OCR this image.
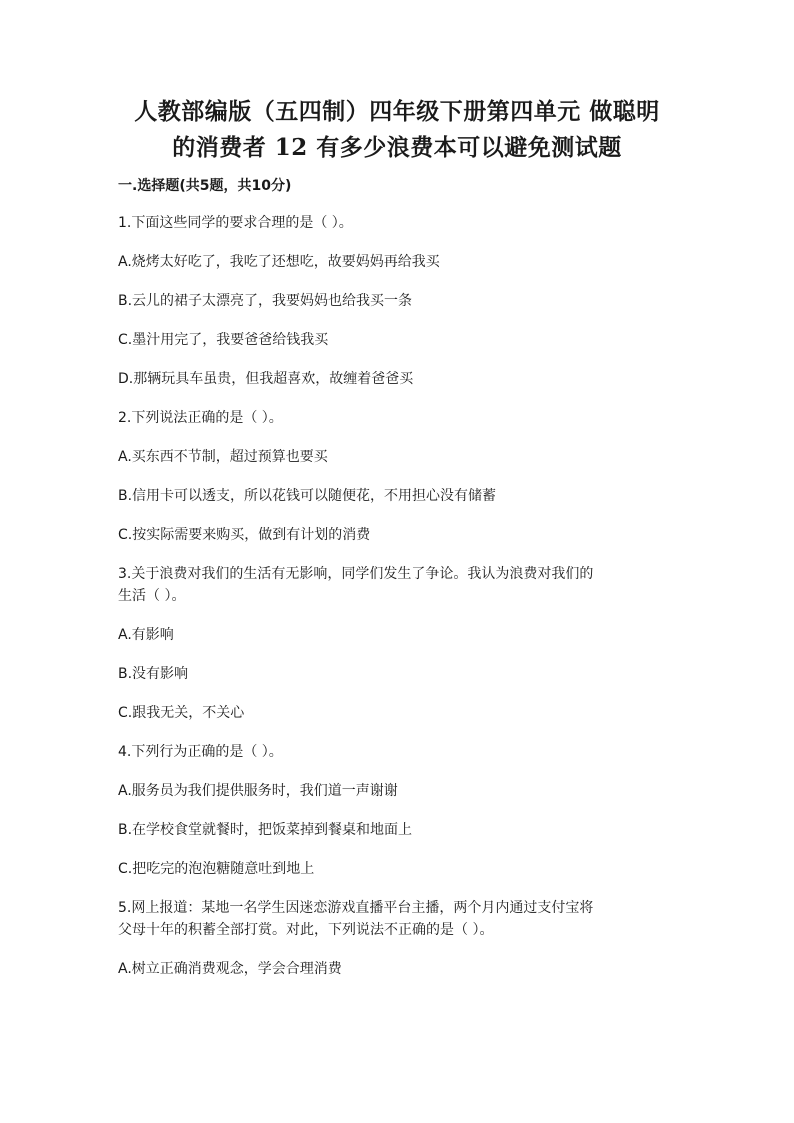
人教部编版（五四制）四年级下册第四单元 做聪明
的消费者 12 有多少浪费本可以避免测试题
一.选择题(共5题，共10分)
1.下面这些同学的要求合理的是（ ）。
A.烧烤太好吃了，我吃了还想吃，故要妈妈再给我买
B.云儿的裙子太漂亮了，我要妈妈也给我买一条
C.墨汁用完了，我要爸爸给钱我买
D.那辆玩具车虽贵，但我超喜欢，故缠着爸爸买
2.下列说法正确的是（ ）。
A.买东西不节制，超过预算也要买
B.信用卡可以透支，所以花钱可以随便花，不用担心没有储蓄
C.按实际需要来购买，做到有计划的消费
3.关于浪费对我们的生活有无影响，同学们发生了争论。我认为浪费对我们的
生活（ ）。
A.有影响
B.没有影响
C.跟我无关，不关心
4.下列行为正确的是（ ）。
A.服务员为我们提供服务时，我们道一声谢谢
B.在学校食堂就餐时，把饭菜掉到餐桌和地面上
C.把吃完的泡泡糖随意吐到地上
5.网上报道：某地一名学生因迷恋游戏直播平台主播，两个月内通过支付宝将
父母十年的积蓄全部打赏。对此，下列说法不正确的是（ ）。
A.树立正确消费观念，学会合理消费
